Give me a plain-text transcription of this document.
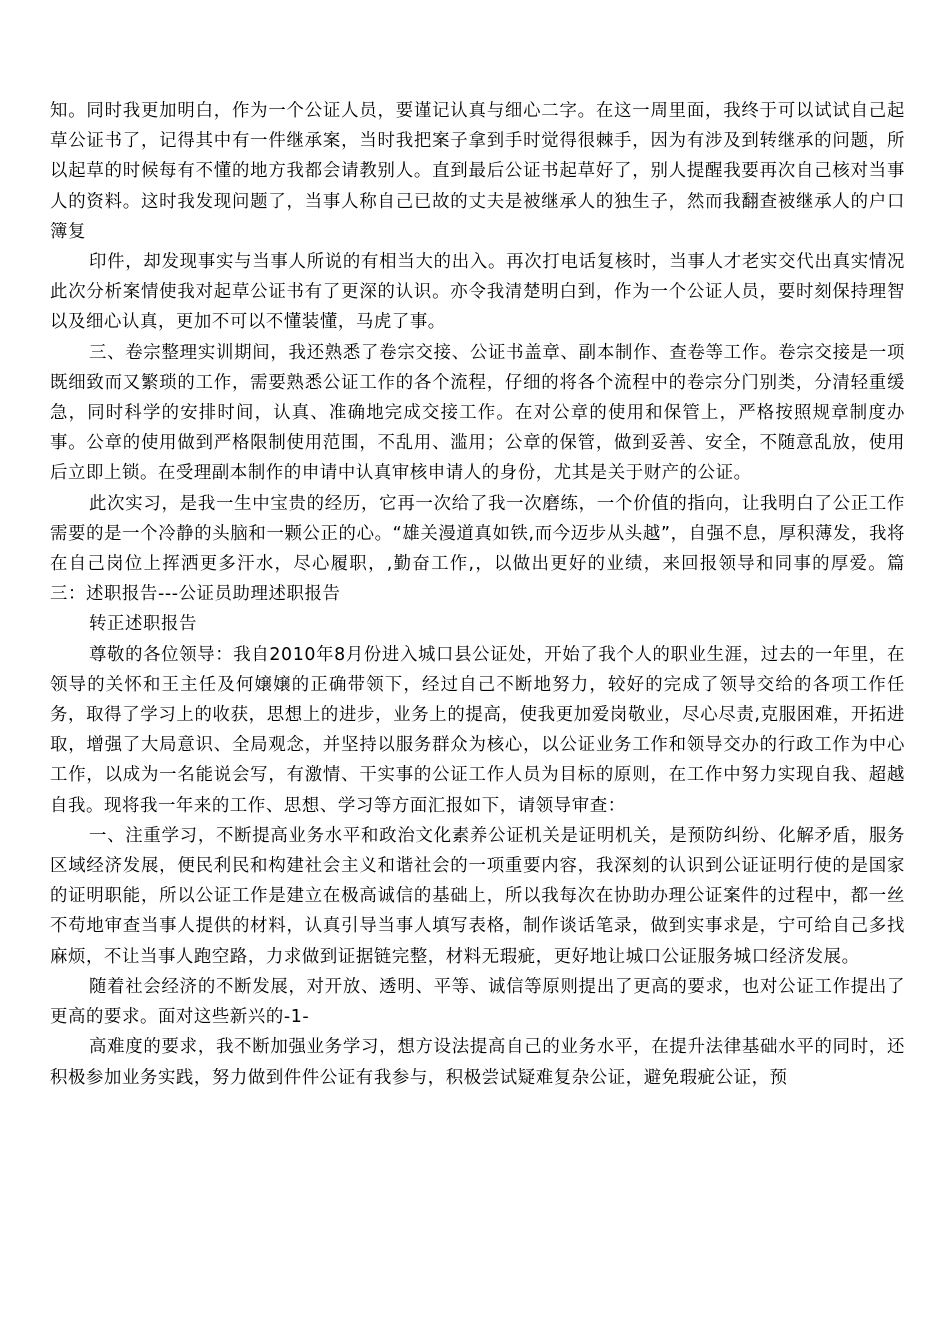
知。同时我更加明白，作为一个公证人员，要谨记认真与细心二字。在这一周里面，我终于可以试试自己起草公证书了，记得其中有一件继承案，当时我把案子拿到手时觉得很棘手，因为有涉及到转继承的问题，所以起草的时候每有不懂的地方我都会请教别人。直到最后公证书起草好了，别人提醒我要再次自己核对当事人的资料。这时我发现问题了，当事人称自己已故的丈夫是被继承人的独生子，然而我翻查被继承人的户口簿复

印件，却发现事实与当事人所说的有相当大的出入。再次打电话复核时，当事人才老实交代出真实情况此次分析案情使我对起草公证书有了更深的认识。亦令我清楚明白到，作为一个公证人员，要时刻保持理智以及细心认真，更加不可以不懂装懂，马虎了事。

三、卷宗整理实训期间，我还熟悉了卷宗交接、公证书盖章、副本制作、查卷等工作。卷宗交接是一项既细致而又繁琐的工作，需要熟悉公证工作的各个流程，仔细的将各个流程中的卷宗分门别类，分清轻重缓急，同时科学的安排时间，认真、准确地完成交接工作。在对公章的使用和保管上，严格按照规章制度办事。公章的使用做到严格限制使用范围，不乱用、滥用；公章的保管，做到妥善、安全，不随意乱放，使用后立即上锁。在受理副本制作的申请中认真审核申请人的身份，尤其是关于财产的公证。

此次实习，是我一生中宝贵的经历，它再一次给了我一次磨练，一个价值的指向，让我明白了公正工作需要的是一个冷静的头脑和一颗公正的心。“雄关漫道真如铁,而今迈步从头越”，自强不息，厚积薄发，我将在自己岗位上挥洒更多汗水，尽心履职，,勤奋工作,，以做出更好的业绩，来回报领导和同事的厚爱。篇三：述职报告---公证员助理述职报告

转正述职报告

尊敬的各位领导：我自2010年8月份进入城口县公证处，开始了我个人的职业生涯，过去的一年里，在领导的关怀和王主任及何嬢嬢的正确带领下，经过自己不断地努力，较好的完成了领导交给的各项工作任务，取得了学习上的收获，思想上的进步，业务上的提高，使我更加爱岗敬业，尽心尽责,克服困难，开拓进取，增强了大局意识、全局观念，并坚持以服务群众为核心，以公证业务工作和领导交办的行政工作为中心工作，以成为一名能说会写，有激情、干实事的公证工作人员为目标的原则，在工作中努力实现自我、超越自我。现将我一年来的工作、思想、学习等方面汇报如下，请领导审查：

一、注重学习，不断提高业务水平和政治文化素养公证机关是证明机关，是预防纠纷、化解矛盾，服务区域经济发展，便民利民和构建社会主义和谐社会的一项重要内容，我深刻的认识到公证证明行使的是国家的证明职能，所以公证工作是建立在极高诚信的基础上，所以我每次在协助办理公证案件的过程中，都一丝不苟地审查当事人提供的材料，认真引导当事人填写表格，制作谈话笔录，做到实事求是，宁可给自己多找麻烦，不让当事人跑空路，力求做到证据链完整，材料无瑕疵，更好地让城口公证服务城口经济发展。

随着社会经济的不断发展，对开放、透明、平等、诚信等原则提出了更高的要求，也对公证工作提出了更高的要求。面对这些新兴的-1-

高难度的要求，我不断加强业务学习，想方设法提高自己的业务水平，在提升法律基础水平的同时，还积极参加业务实践，努力做到件件公证有我参与，积极尝试疑难复杂公证，避免瑕疵公证，预
